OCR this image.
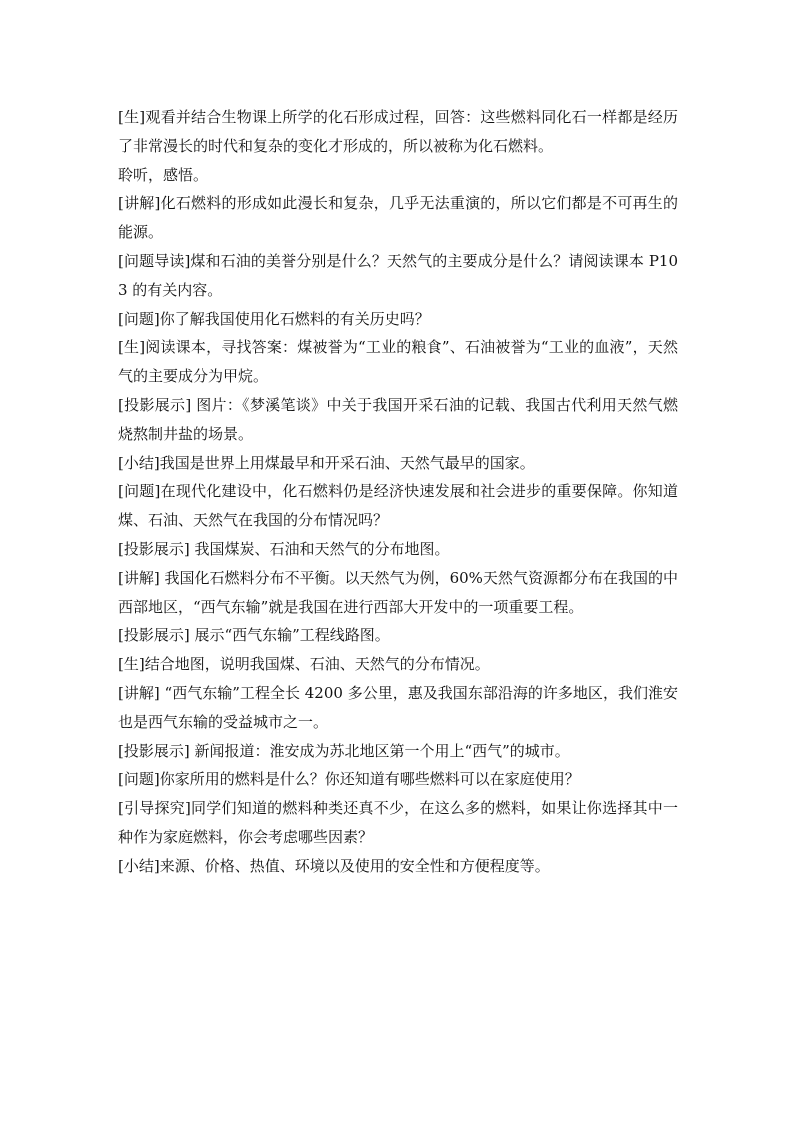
[生]观看并结合生物课上所学的化石形成过程，回答：这些燃料同化石一样都是经历了非常漫长的时代和复杂的变化才形成的，所以被称为化石燃料。

聆听，感悟。

[讲解]化石燃料的形成如此漫长和复杂，几乎无法重演的，所以它们都是不可再生的能源。

[问题导读]煤和石油的美誉分别是什么？天然气的主要成分是什么？请阅读课本 P103 的有关内容。

[问题]你了解我国使用化石燃料的有关历史吗？

[生]阅读课本，寻找答案：煤被誉为“工业的粮食”、石油被誉为“工业的血液”，天然气的主要成分为甲烷。

[投影展示] 图片：《梦溪笔谈》中关于我国开采石油的记载、我国古代利用天然气燃烧熬制井盐的场景。

[小结]我国是世界上用煤最早和开采石油、天然气最早的国家。

[问题]在现代化建设中，化石燃料仍是经济快速发展和社会进步的重要保障。你知道煤、石油、天然气在我国的分布情况吗？

[投影展示] 我国煤炭、石油和天然气的分布地图。

[讲解] 我国化石燃料分布不平衡。以天然气为例，60%天然气资源都分布在我国的中西部地区，“西气东输”就是我国在进行西部大开发中的一项重要工程。

[投影展示] 展示“西气东输”工程线路图。

[生]结合地图，说明我国煤、石油、天然气的分布情况。

[讲解] “西气东输”工程全长 4200 多公里，惠及我国东部沿海的许多地区，我们淮安也是西气东输的受益城市之一。

[投影展示] 新闻报道：淮安成为苏北地区第一个用上“西气”的城市。

[问题]你家所用的燃料是什么？你还知道有哪些燃料可以在家庭使用？

[引导探究]同学们知道的燃料种类还真不少，在这么多的燃料，如果让你选择其中一种作为家庭燃料，你会考虑哪些因素？

[小结]来源、价格、热值、环境以及使用的安全性和方便程度等。
